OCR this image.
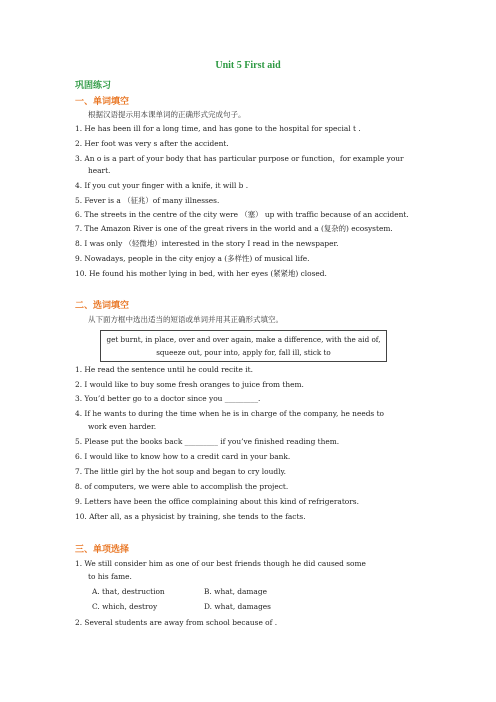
Unit 5 First aid
巩固练习
一、单词填空
根据汉语提示用本课单词的正确形式完成句子。
1. He has been ill for a long time, and has gone to the hospital for special t .
2. Her foot was very s after the accident.
3. An o is a part of your body that has particular purpose or function，for example your
heart.
4. If you cut your finger with a knife, it will b .
5. Fever is a （征兆）of many illnesses.
6. The streets in the centre of the city were （塞） up with traffic because of an accident.
7. The Amazon River is one of the great rivers in the world and a (复杂的) ecosystem.
8. I was only （轻微地）interested in the story I read in the newspaper.
9. Nowadays, people in the city enjoy a (多样性) of musical life.
10. He found his mother lying in bed, with her eyes (紧紧地) closed.
二、选词填空
从下面方框中选出适当的短语或单词并用其正确形式填空。
get burnt, in place, over and over again, make a difference, with the aid of,
squeeze out, pour into, apply for, fall ill, stick to
1. He read the sentence until he could recite it.
2. I would like to buy some fresh oranges to juice from them.
3. You’d better go to a doctor since you _________.
4. If he wants to during the time when he is in charge of the company, he needs to
work even harder.
5. Please put the books back _________ if you’ve finished reading them.
6. I would like to know how to a credit card in your bank.
7. The little girl by the hot soup and began to cry loudly.
8. of computers, we were able to accomplish the project.
9. Letters have been the office complaining about this kind of refrigerators.
10. After all, as a physicist by training, she tends to the facts.
三、单项选择
1. We still consider him as one of our best friends though he did caused some
to his fame.
A. that, destruction	B. what, damage
C. which, destroy	D. what, damages
2. Several students are away from school because of .
